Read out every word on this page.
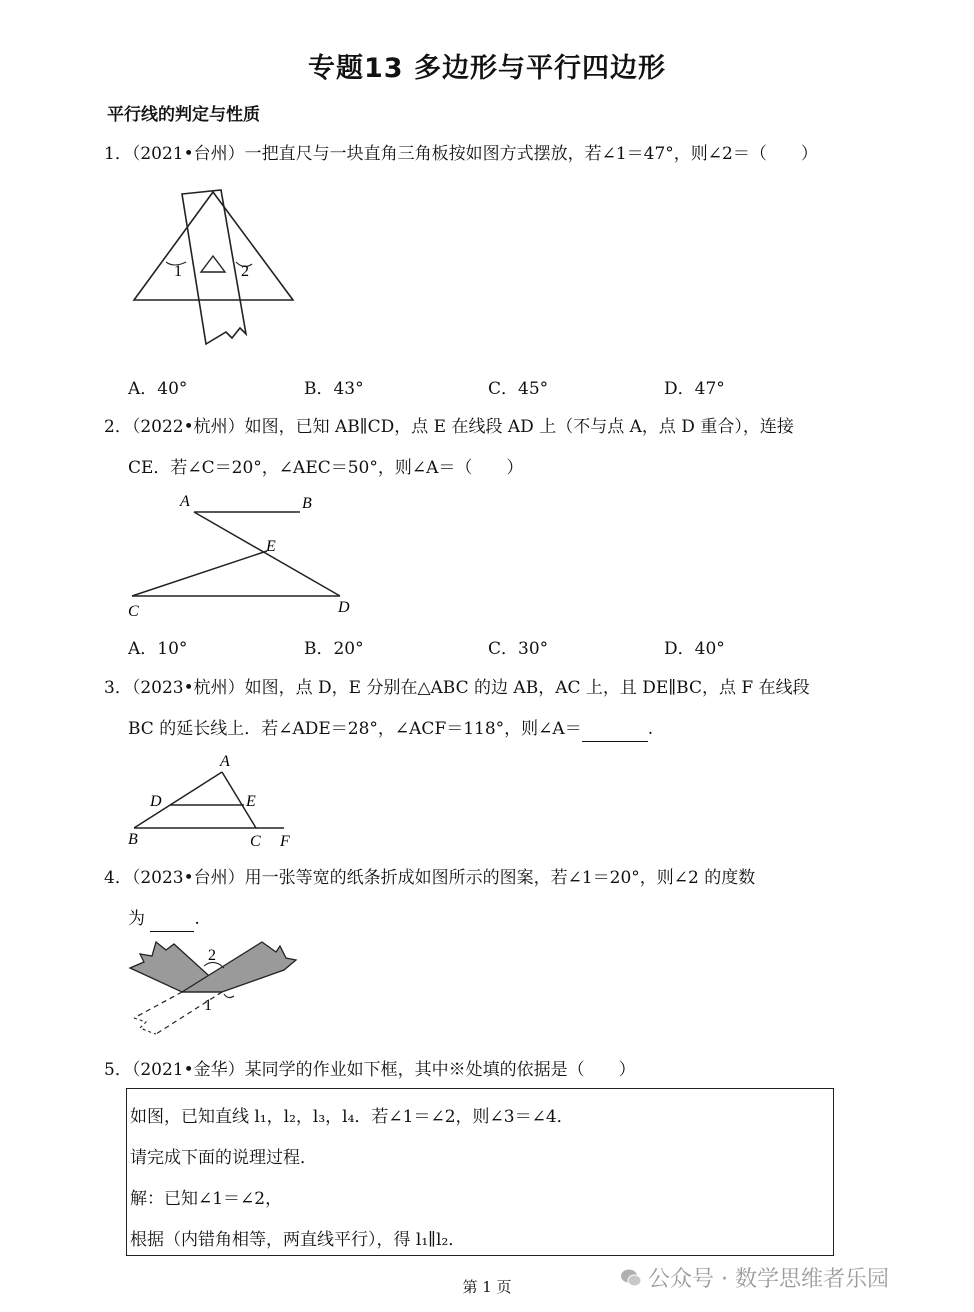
专题13 多边形与平行四边形
平行线的判定与性质
1．（2021•台州）一把直尺与一块直角三角板按如图方式摆放，若∠1＝47°，则∠2＝（　　）
1	2
A．40°	B．43°	C．45°	D．47°
2．（2022•杭州）如图，已知 AB∥CD，点 E 在线段 AD 上（不与点 A，点 D 重合），连接
CE．若∠C＝20°，∠AEC＝50°，则∠A＝（　　）
A	B
E
C	D
A．10°	B．20°	C．30°	D．40°
3．（2023•杭州）如图，点 D，E 分别在△ABC 的边 AB，AC 上，且 DE∥BC，点 F 在线段
BC 的延长线上．若∠ADE＝28°，∠ACF＝118°，则∠A＝	.
A
D	E
B	C F
4．（2023•台州）用一张等宽的纸条折成如图所示的图案，若∠1＝20°，则∠2 的度数
为	.
2
1
5．（2021•金华）某同学的作业如下框，其中※处填的依据是（　　）
如图，已知直线 l₁，l₂，l₃，l₄．若∠1＝∠2，则∠3＝∠4．
请完成下面的说理过程．
解：已知∠1＝∠2，
根据（内错角相等，两直线平行），得 l₁∥l₂．
第 1 页	公众号 · 数学思维者乐园
